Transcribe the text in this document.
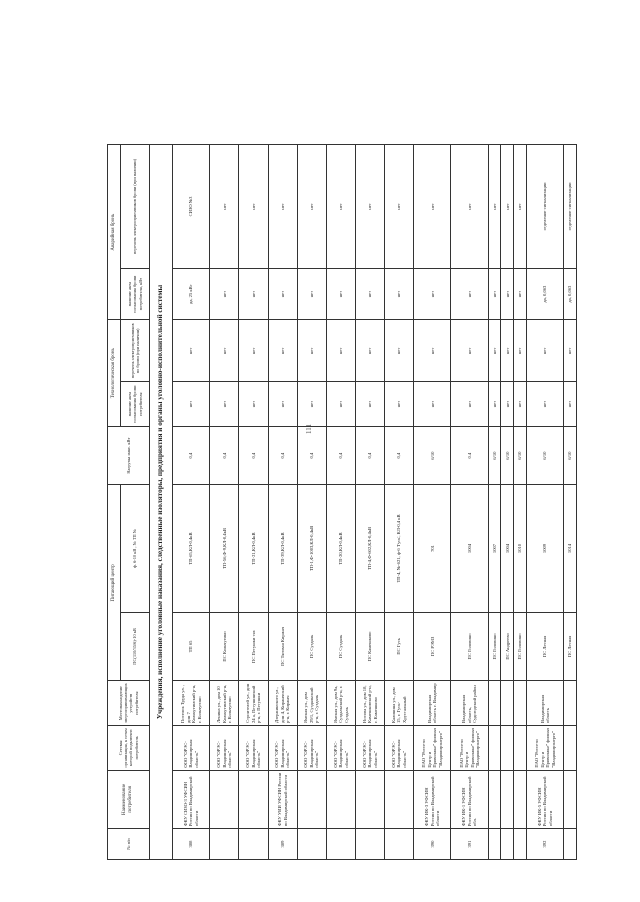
111
№ п/п	Наименование потребителя	Сетевая организация, к сетям которой подключен потребитель	Местонахождение энергопринимающих устройств потребителя	Питающий центр		Нагрузка макс. кВт	Технологическая бронь		Аварийная бронь	
				ПС(110/35/6)-10 кВ	ф. 6-10 кВ , № ТП №		наличие акта согласования брони потребителя	перечень электроприемников по брони (при наличии)	наличие акта согласования брони потребителя, кВт	перечень электроприемников брони (при наличии)
Учреждения, исполнение уголовные наказания, следственные изоляторы, предприятия и органы уголовно-исполнительной системы										
388	ФКУ СИЗО-3 УФСИН России по Владимирской области	ООО "ОРЭС-Владимирская область"	Поселок Труда ул. , дом 7 Кольчугинский р-н, г. Кольчугино	ТП 65	ТП-65,КЛ-0,4кВ	0,4	нет	нет	да, 25 кВт	СИЗО №3
		ООО "ОРЭС-Владимирская область"	Ленина ул., дом 10 Кольчугинский р-н, г. Кольчугино	ПС Кольчугино	ТП-56,Ф-9,КЛ-0,4кВ	0,4	нет	нет	нет	нет
		ООО "ОРЭС-Владимирская область"	Строителей ул., дом 24 а, Петушинский р-н, г. Петушки	ПС Петушки тяг.	ТП-21,КЛ-0,4кВ	0,4	нет	нет	нет	нет
389	ФКУ УИИ УФСИН России по Владимирской области	ООО "ОРЭС-Владимирская область"	Дзержинского ул., дом 4, Киржачский р-н, г. Киржач	ПС Тяговая Киржач	ТП-39,КЛ-0,4кВ	0,4	нет	нет	нет	нет
		ООО "ОРЭС-Владимирская область"	Ямская ул., дом 29/1, Суздальский р-н, г. Суздаль	ПС Суздаль	ТП-1,Ф-1003,КЛ-0,4кВ	0,4	нет	нет	нет	нет
		ООО "ОРЭС-Владимирская область"	Ямская ул., дом 9а, Суздальский р-н, г. Суздаль	ПС Суздаль	ТП-20,КЛ-0,4кВ	0,4	нет	нет	нет	нет
		ООО "ОРЭС-Владимирская область"	Носова ул., дом 18, Камешковский р-н, г. Камешково	ПС Камешково	ТП-4,Ф-602,КЛ-0,4кВ	0,4	нет	нет	нет	нет
		ООО "ОРЭС-Владимирская область"	Калинина ул., дом 15, г. Гусь-Хрустальный	ПС Гусь	ТП-4, №-621, ф-6 'Гусь', КЛ-0,4 кВ	0,4	нет	нет	нет	нет
390	ФКУ ИК-3 УФСИН России по Владимирской области	ПАО "Россети Центр и Приволжье" филиал "Владимирэнерго"	Владимирская область г. Владимир	ПС РЭМЗ	701	6/10	нет	нет	нет	нет
391	ФКУ ИК-1 УФСИН России по Владимирской обл.	ПАО "Россети Центр и Приволжье" филиал "Владимирэнерго"	Владимирская область, Судогодский район	ПС Головино	1004	0.4	нет	нет	нет	нет
				ПС Головино	1007	6/10	нет	нет	нет	нет
				ПС Андреево	1004	6/10	нет	нет	нет	нет
				ПС Головино	1010	6/10	нет	нет	нет	нет
392	ФКУ ИК-5 УФСИН России по Владимирской области	ПАО "Россети Центр и Приволжье" филиал "Владимирэнерго"	Владимирская область	ПС Лесная	1009	6/10	нет	нет	да, 0,063	отделение сигнализации
				ПС Лесная	1014	6/10	нет	нет	да, 0,063	отделение сигнализации
